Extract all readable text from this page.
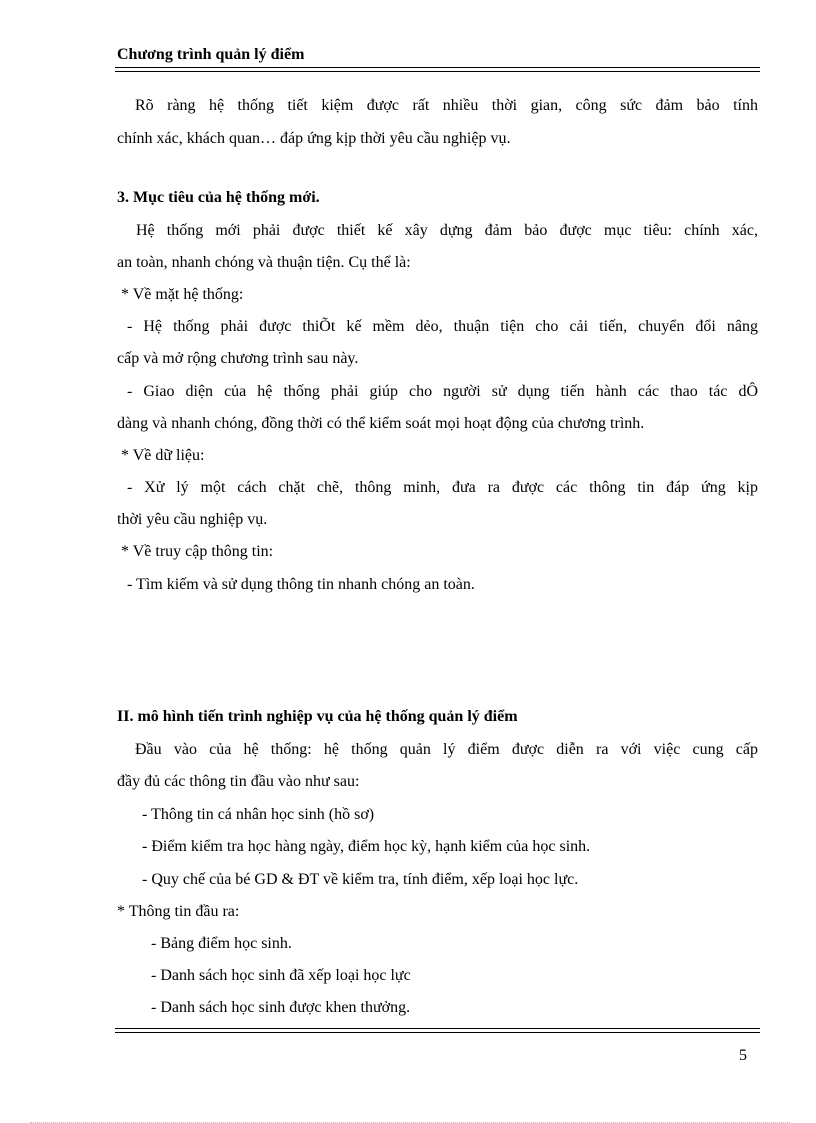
Chương trình quản lý điểm
Rõ ràng hệ thống tiết kiệm được rất nhiều thời gian, công sức đảm bảo tính
chính xác, khách quan… đáp ứng kịp thời yêu cầu nghiệp vụ.
3. Mục tiêu của hệ thống mới.
Hệ thống mới phải được thiết kế xây dựng đảm bảo được mục tiêu: chính xác,
an toàn, nhanh chóng và thuận tiện. Cụ thể là:
* Về mặt hệ thống:
- Hệ thống phải được thiÕt kế mềm dẻo, thuận tiện cho cải tiến, chuyển đổi nâng
cấp và mở rộng chương trình sau này.
- Giao diện của hệ thống phải giúp cho người sử dụng tiến hành các thao tác dÔ
dàng và nhanh chóng, đồng thời có thể kiểm soát mọi hoạt động của chương trình.
* Về dữ liệu:
- Xử lý một cách chặt chẽ, thông minh, đưa ra được các thông tin đáp ứng kịp
thời yêu cầu nghiệp vụ.
* Về truy cập thông tin:
- Tìm kiếm và sử dụng thông tin nhanh chóng an toàn.
II. mô hình tiến trình nghiệp vụ của hệ thống quản lý điểm
Đầu vào của hệ thống: hệ thống quản lý điểm được diễn ra với việc cung cấp
đầy đủ các thông tin đầu vào như sau:
- Thông tin cá nhân học sinh (hồ sơ)
- Điểm kiểm tra học hàng ngày, điểm học kỳ, hạnh kiểm của học sinh.
- Quy chế của bé GD & ĐT về kiểm tra, tính điểm, xếp loại học lực.
* Thông tin đầu ra:
- Bảng điểm học sinh.
- Danh sách học sinh đã xếp loại học lực
- Danh sách học sinh được khen thưởng.
5
